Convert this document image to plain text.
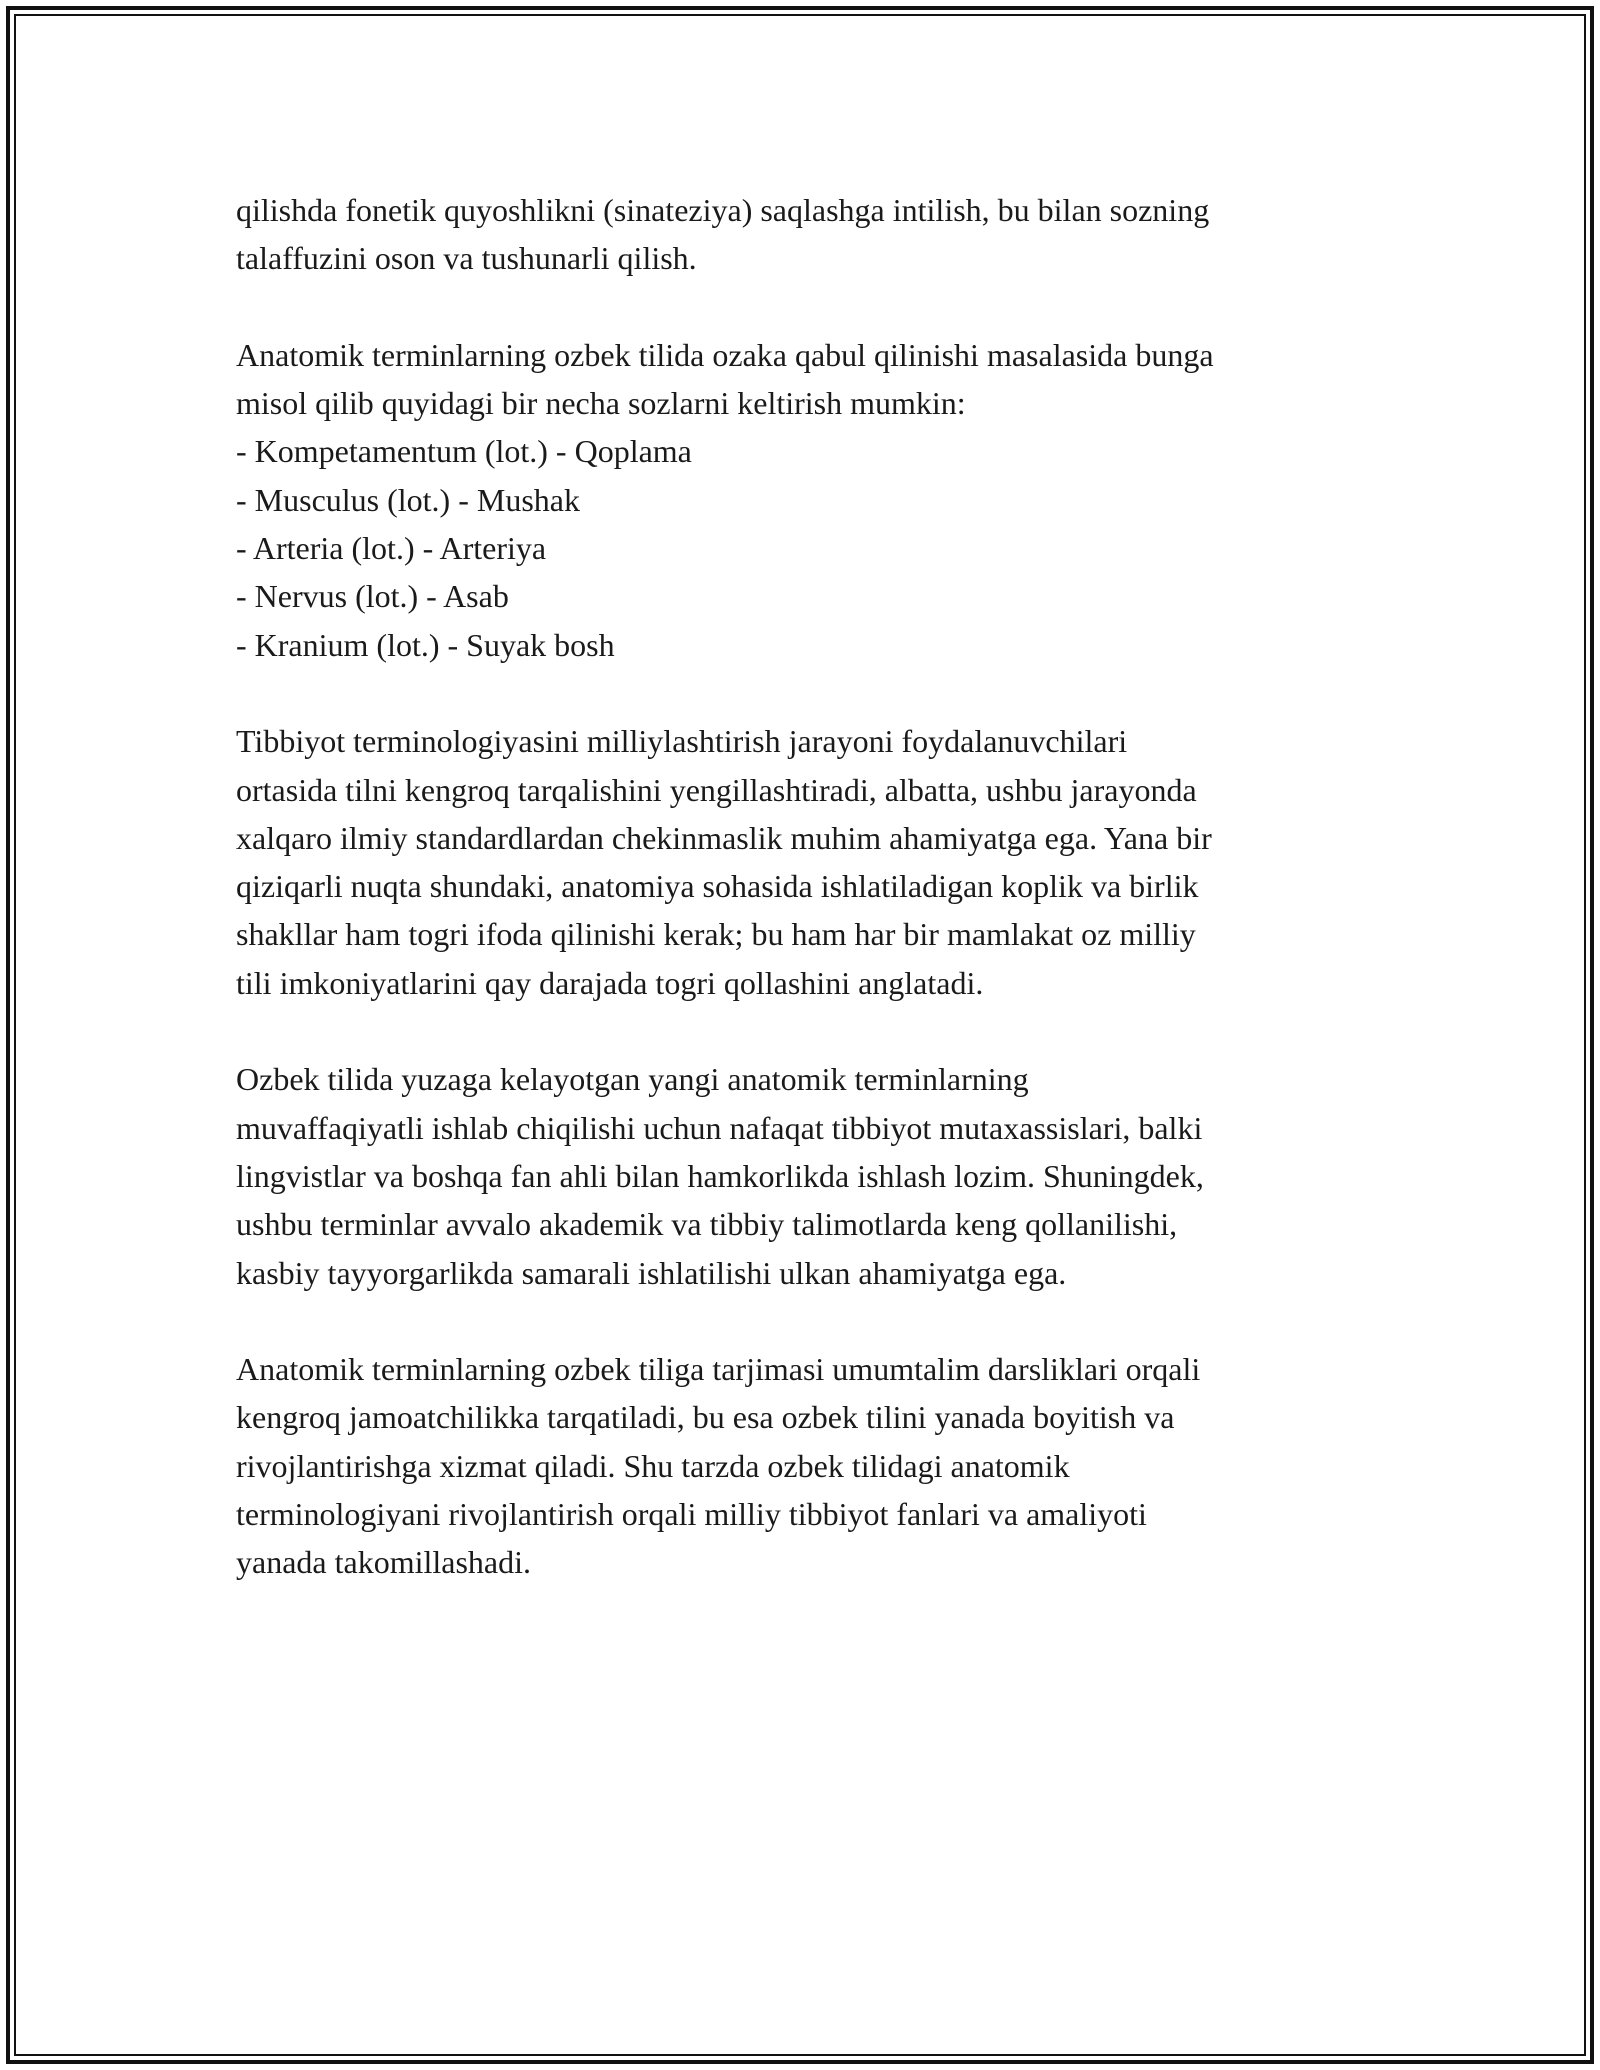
qilishda fonetik quyoshlikni (sinateziya) saqlashga intilish, bu bilan sozning
talaffuzini oson va tushunarli qilish.
Anatomik terminlarning ozbek tilida ozaka qabul qilinishi masalasida bunga
misol qilib quyidagi bir necha sozlarni keltirish mumkin:
- Kompetamentum (lot.) - Qoplama
- Musculus (lot.) - Mushak
- Arteria (lot.) - Arteriya
- Nervus (lot.) - Asab
- Kranium (lot.) - Suyak bosh
Tibbiyot terminologiyasini milliylashtirish jarayoni foydalanuvchilari
ortasida tilni kengroq tarqalishini yengillashtiradi, albatta, ushbu jarayonda
xalqaro ilmiy standardlardan chekinmaslik muhim ahamiyatga ega. Yana bir
qiziqarli nuqta shundaki, anatomiya sohasida ishlatiladigan koplik va birlik
shakllar ham togri ifoda qilinishi kerak; bu ham har bir mamlakat oz milliy
tili imkoniyatlarini qay darajada togri qollashini anglatadi.
Ozbek tilida yuzaga kelayotgan yangi anatomik terminlarning
muvaffaqiyatli ishlab chiqilishi uchun nafaqat tibbiyot mutaxassislari, balki
lingvistlar va boshqa fan ahli bilan hamkorlikda ishlash lozim. Shuningdek,
ushbu terminlar avvalo akademik va tibbiy talimotlarda keng qollanilishi,
kasbiy tayyorgarlikda samarali ishlatilishi ulkan ahamiyatga ega.
Anatomik terminlarning ozbek tiliga tarjimasi umumtalim darsliklari orqali
kengroq jamoatchilikka tarqatiladi, bu esa ozbek tilini yanada boyitish va
rivojlantirishga xizmat qiladi. Shu tarzda ozbek tilidagi anatomik
terminologiyani rivojlantirish orqali milliy tibbiyot fanlari va amaliyoti
yanada takomillashadi.
